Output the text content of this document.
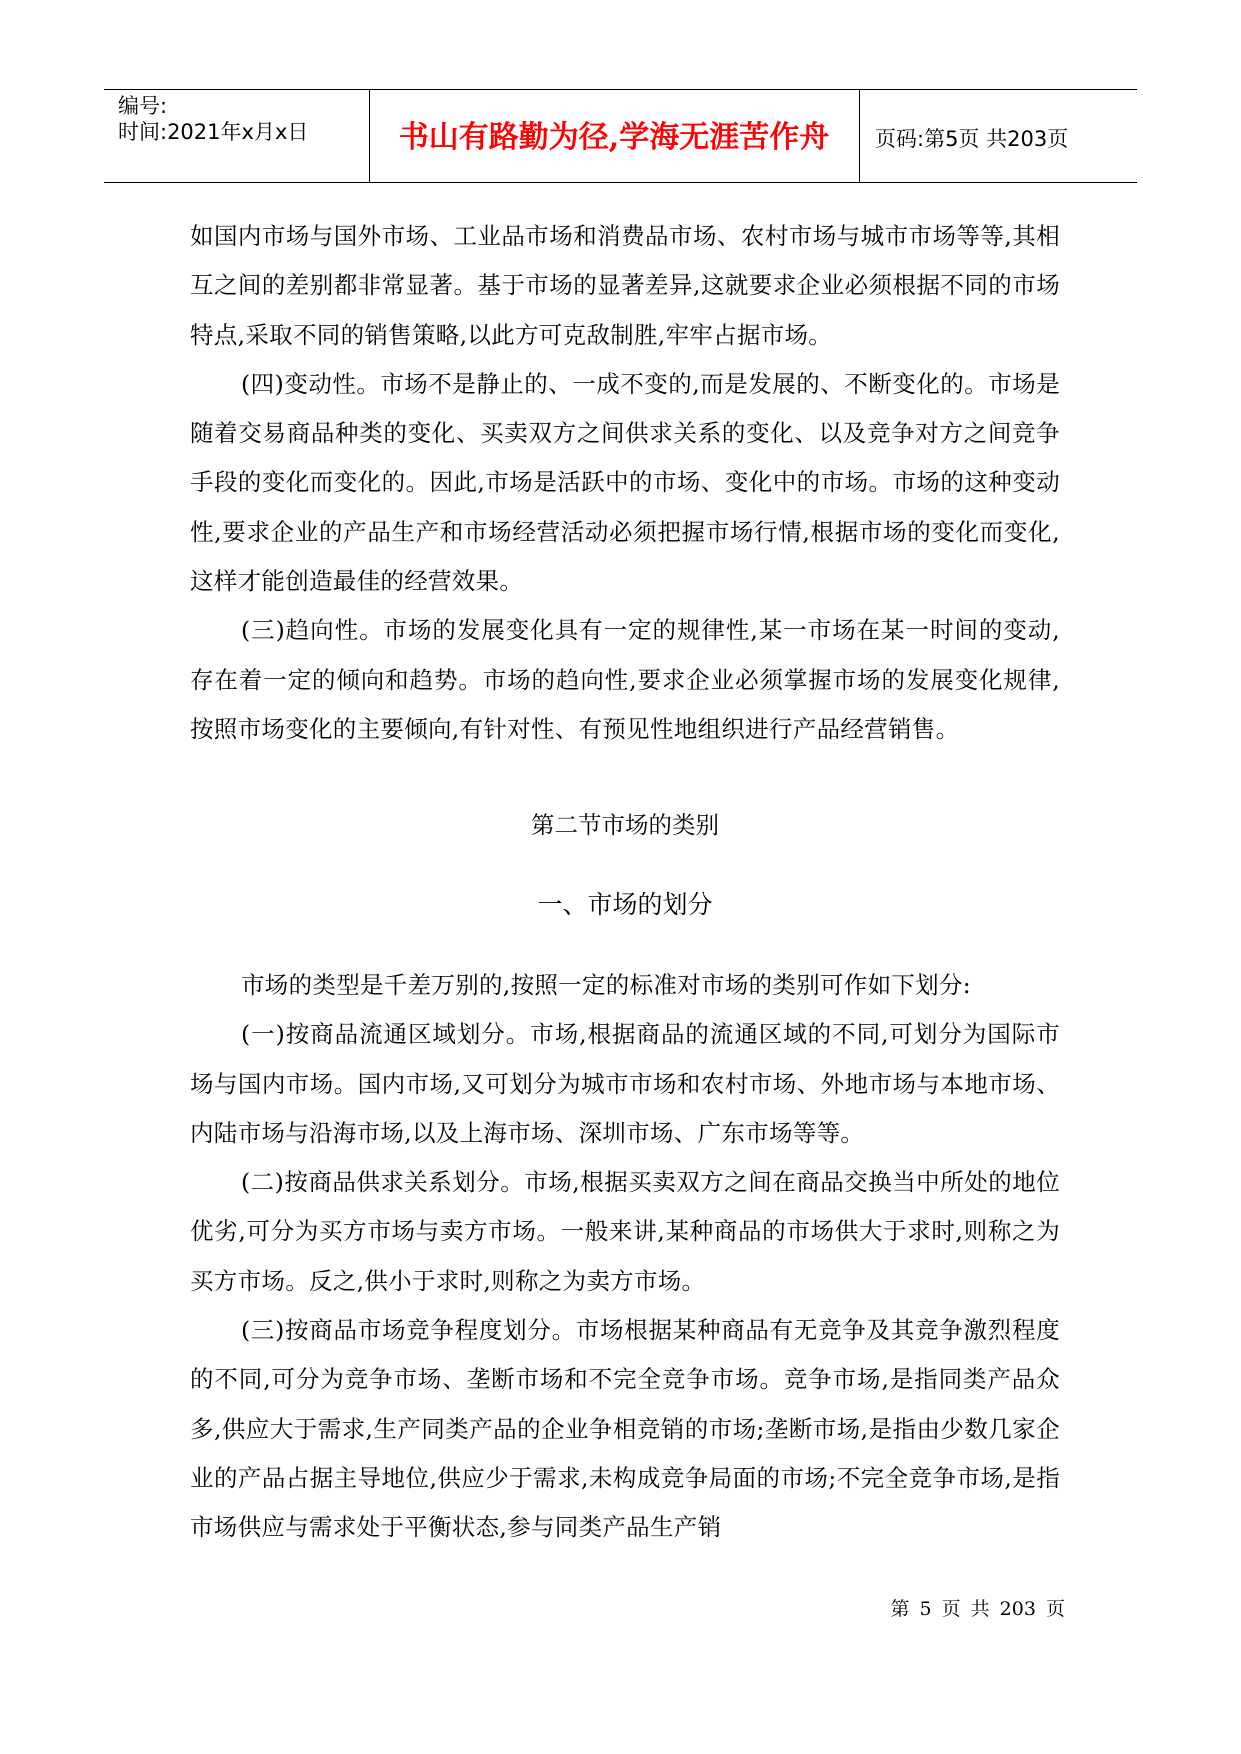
编号:
时间:2021年x月x日	书山有路勤为径,学海无涯苦作舟	页码:第5页 共203页

如国内市场与国外市场、工业品市场和消费品市场、农村市场与城市市场等等,其相互之间的差别都非常显著。基于市场的显著差异,这就要求企业必须根据不同的市场特点,采取不同的销售策略,以此方可克敌制胜,牢牢占据市场。

(四)变动性。市场不是静止的、一成不变的,而是发展的、不断变化的。市场是随着交易商品种类的变化、买卖双方之间供求关系的变化、以及竞争对方之间竞争手段的变化而变化的。因此,市场是活跃中的市场、变化中的市场。市场的这种变动性,要求企业的产品生产和市场经营活动必须把握市场行情,根据市场的变化而变化,这样才能创造最佳的经营效果。

(三)趋向性。市场的发展变化具有一定的规律性,某一市场在某一时间的变动,存在着一定的倾向和趋势。市场的趋向性,要求企业必须掌握市场的发展变化规律,按照市场变化的主要倾向,有针对性、有预见性地组织进行产品经营销售。

第二节市场的类别
一、市场的划分

市场的类型是千差万别的,按照一定的标准对市场的类别可作如下划分:

(一)按商品流通区域划分。市场,根据商品的流通区域的不同,可划分为国际市场与国内市场。国内市场,又可划分为城市市场和农村市场、外地市场与本地市场、内陆市场与沿海市场,以及上海市场、深圳市场、广东市场等等。

(二)按商品供求关系划分。市场,根据买卖双方之间在商品交换当中所处的地位优劣,可分为买方市场与卖方市场。一般来讲,某种商品的市场供大于求时,则称之为买方市场。反之,供小于求时,则称之为卖方市场。

(三)按商品市场竞争程度划分。市场根据某种商品有无竞争及其竞争激烈程度的不同,可分为竞争市场、垄断市场和不完全竞争市场。竞争市场,是指同类产品众多,供应大于需求,生产同类产品的企业争相竞销的市场;垄断市场,是指由少数几家企业的产品占据主导地位,供应少于需求,未构成竞争局面的市场;不完全竞争市场,是指市场供应与需求处于平衡状态,参与同类产品生产销

第 5 页 共 203 页
